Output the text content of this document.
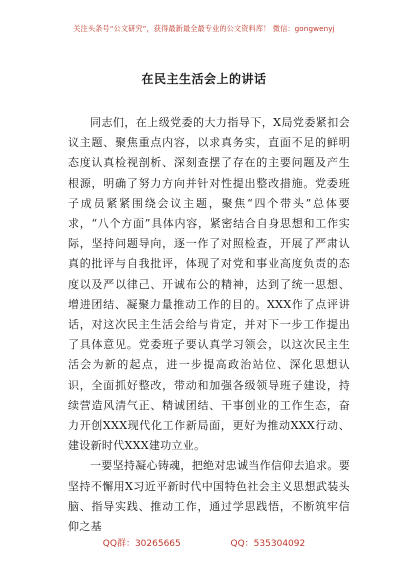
关注头条号“公文研究”，获得最新最全最专业的公文资料库！ 微信：gongwenyj
在民主生活会上的讲话

同志们，在上级党委的大力指导下，X局党委紧扣会议主题、聚焦重点内容，以求真务实，直面不足的鲜明态度认真检视剖析、深刻查摆了存在的主要问题及产生根源，明确了努力方向并针对性提出整改措施。党委班子成员紧紧围绕会议主题，聚焦“四个带头”总体要求，“八个方面”具体内容，紧密结合自身思想和工作实际，坚持问题导向，逐一作了对照检查，开展了严肃认真的批评与自我批评，体现了对党和事业高度负责的态度以及严以律己、开诚布公的精神，达到了统一思想、增进团结、凝聚力量推动工作的目的。XXX作了点评讲话，对这次民主生活会给与肯定，并对下一步工作提出了具体意见。党委班子要认真学习领会，以这次民主生活会为新的起点，进一步提高政治站位、深化思想认识，全面抓好整改，带动和加强各级领导班子建设，持续营造风清气正、精诚团结、干事创业的工作生态，奋力开创XXX现代化工作新局面，更好为推动XXX行动、建设新时代XXX建功立业。

一要坚持凝心铸魂，把绝对忠诚当作信仰去追求。要坚持不懈用X习近平新时代中国特色社会主义思想武装头脑、指导实践、推动工作，通过学思践悟，不断筑牢信仰之基

QQ群：30265665	QQ：535304092
